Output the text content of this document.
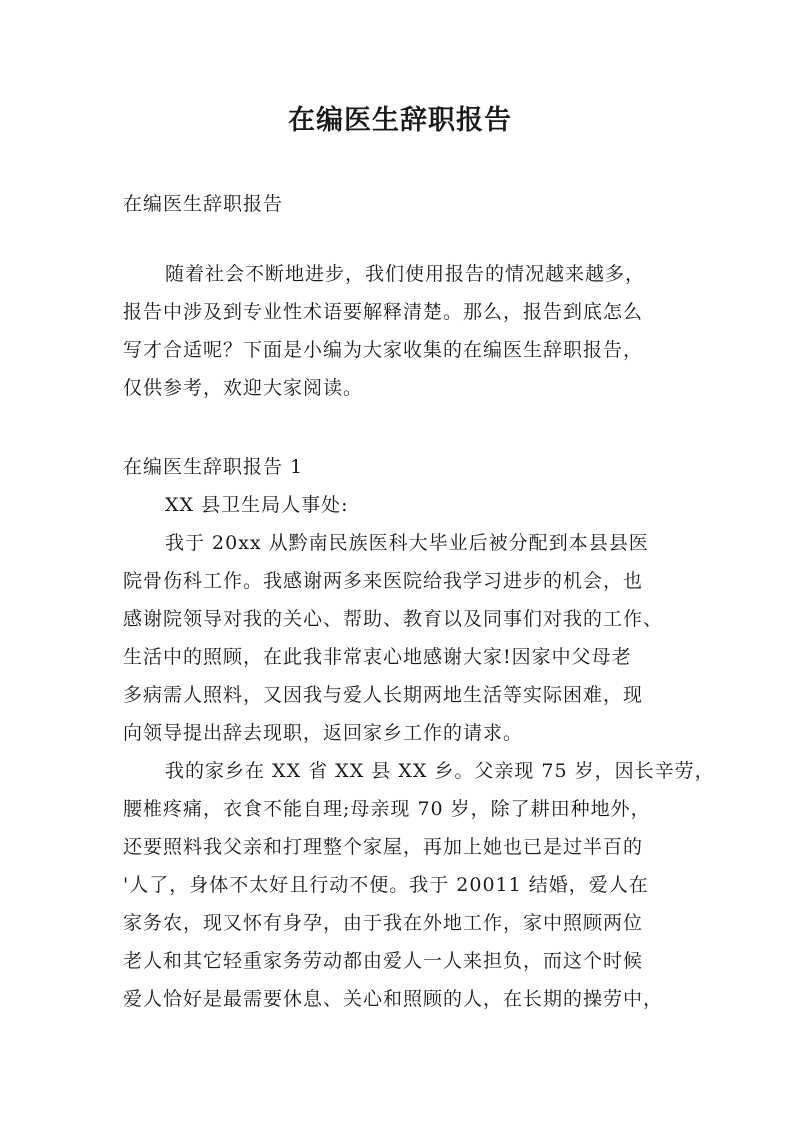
在编医生辞职报告
在编医生辞职报告
随着社会不断地进步，我们使用报告的情况越来越多，
报告中涉及到专业性术语要解释清楚。那么，报告到底怎么
写才合适呢？下面是小编为大家收集的在编医生辞职报告，
仅供参考，欢迎大家阅读。
在编医生辞职报告 1
XX 县卫生局人事处:
我于 20xx 从黔南民族医科大毕业后被分配到本县县医
院骨伤科工作。我感谢两多来医院给我学习进步的机会，也
感谢院领导对我的关心、帮助、教育以及同事们对我的工作、
生活中的照顾，在此我非常衷心地感谢大家!因家中父母老
多病需人照料，又因我与爱人长期两地生活等实际困难，现
向领导提出辞去现职，返回家乡工作的请求。
我的家乡在 XX 省 XX 县 XX 乡。父亲现 75 岁，因长辛劳，
腰椎疼痛，衣食不能自理;母亲现 70 岁，除了耕田种地外，
还要照料我父亲和打理整个家屋，再加上她也已是过半百的
'人了，身体不太好且行动不便。我于 20011 结婚，爱人在
家务农，现又怀有身孕，由于我在外地工作，家中照顾两位
老人和其它轻重家务劳动都由爱人一人来担负，而这个时候
爱人恰好是最需要休息、关心和照顾的人，在长期的操劳中，
